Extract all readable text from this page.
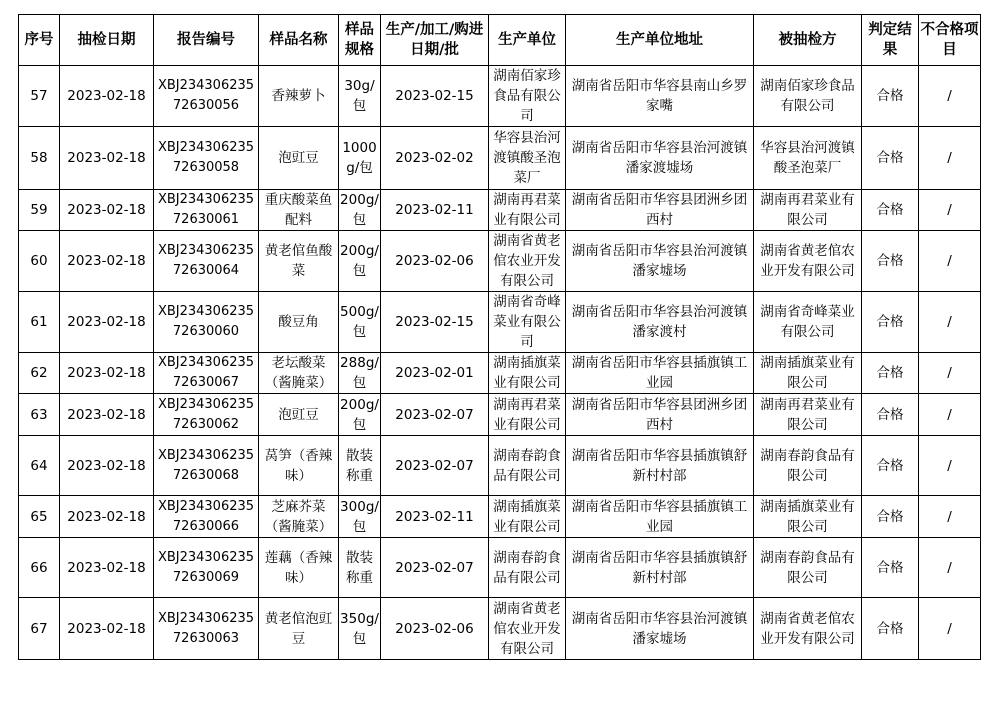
序号	抽检日期	报告编号	样品名称	样品规格	生产/加工/购进日期/批	生产单位	生产单位地址	被抽检方	判定结果	不合格项目
57	2023-02-18	XBJ23430623572630056	香辣萝卜	30g/包	2023-02-15	湖南佰家珍食品有限公司	湖南省岳阳市华容县南山乡罗家嘴	湖南佰家珍食品有限公司	合格	/
58	2023-02-18	XBJ23430623572630058	泡豇豆	1000g/包	2023-02-02	华容县治河渡镇酸圣泡菜厂	湖南省岳阳市华容县治河渡镇潘家渡墟场	华容县治河渡镇酸圣泡菜厂	合格	/
59	2023-02-18	XBJ23430623572630061	重庆酸菜鱼配料	200g/包	2023-02-11	湖南再君菜业有限公司	湖南省岳阳市华容县团洲乡团西村	湖南再君菜业有限公司	合格	/
60	2023-02-18	XBJ23430623572630064	黄老倌鱼酸菜	200g/包	2023-02-06	湖南省黄老倌农业开发有限公司	湖南省岳阳市华容县治河渡镇潘家墟场	湖南省黄老倌农业开发有限公司	合格	/
61	2023-02-18	XBJ23430623572630060	酸豆角	500g/包	2023-02-15	湖南省奇峰菜业有限公司	湖南省岳阳市华容县治河渡镇潘家渡村	湖南省奇峰菜业有限公司	合格	/
62	2023-02-18	XBJ23430623572630067	老坛酸菜（酱腌菜）	288g/包	2023-02-01	湖南插旗菜业有限公司	湖南省岳阳市华容县插旗镇工业园	湖南插旗菜业有限公司	合格	/
63	2023-02-18	XBJ23430623572630062	泡豇豆	200g/包	2023-02-07	湖南再君菜业有限公司	湖南省岳阳市华容县团洲乡团西村	湖南再君菜业有限公司	合格	/
64	2023-02-18	XBJ23430623572630068	莴笋（香辣味）	散装称重	2023-02-07	湖南春韵食品有限公司	湖南省岳阳市华容县插旗镇舒新村村部	湖南春韵食品有限公司	合格	/
65	2023-02-18	XBJ23430623572630066	芝麻芥菜（酱腌菜）	300g/包	2023-02-11	湖南插旗菜业有限公司	湖南省岳阳市华容县插旗镇工业园	湖南插旗菜业有限公司	合格	/
66	2023-02-18	XBJ23430623572630069	莲藕（香辣味）	散装称重	2023-02-07	湖南春韵食品有限公司	湖南省岳阳市华容县插旗镇舒新村村部	湖南春韵食品有限公司	合格	/
67	2023-02-18	XBJ23430623572630063	黄老倌泡豇豆	350g/包	2023-02-06	湖南省黄老倌农业开发有限公司	湖南省岳阳市华容县治河渡镇潘家墟场	湖南省黄老倌农业开发有限公司	合格	/
